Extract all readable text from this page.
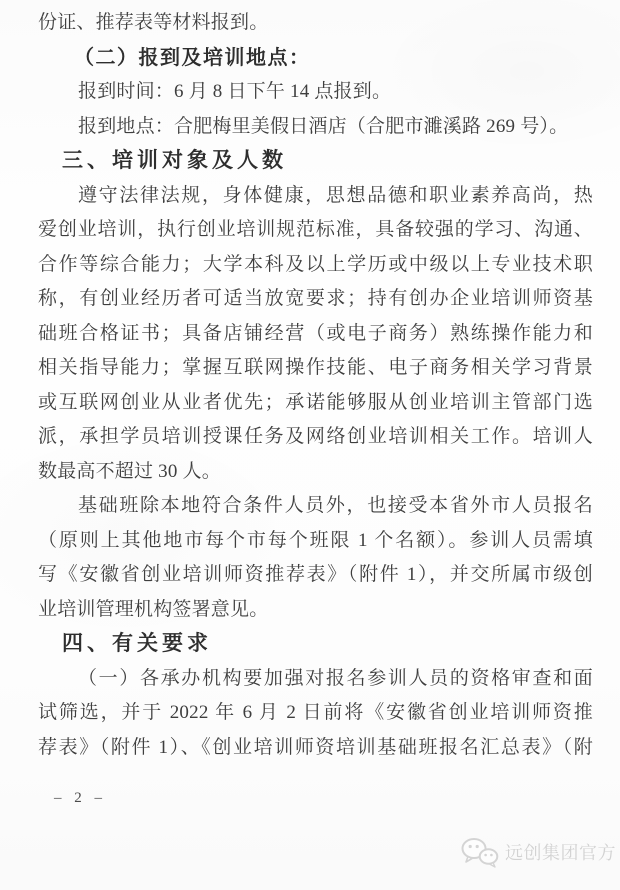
份证、推荐表等材料报到。
（二）报到及培训地点：
报到时间：6 月 8 日下午 14 点报到。
报到地点：合肥梅里美假日酒店（合肥市濉溪路 269 号）。
三、培训对象及人数
遵守法律法规，身体健康，思想品德和职业素养高尚，热
爱创业培训，执行创业培训规范标准，具备较强的学习、沟通、
合作等综合能力；大学本科及以上学历或中级以上专业技术职
称，有创业经历者可适当放宽要求；持有创办企业培训师资基
础班合格证书；具备店铺经营（或电子商务）熟练操作能力和
相关指导能力；掌握互联网操作技能、电子商务相关学习背景
或互联网创业从业者优先；承诺能够服从创业培训主管部门选
派，承担学员培训授课任务及网络创业培训相关工作。培训人
数最高不超过 30 人。
基础班除本地符合条件人员外，也接受本省外市人员报名
（原则上其他地市每个市每个班限 1 个名额）。参训人员需填
写《安徽省创业培训师资推荐表》（附件 1），并交所属市级创
业培训管理机构签署意见。
四、有关要求
（一）各承办机构要加强对报名参训人员的资格审查和面
试筛选，并于 2022 年 6 月 2 日前将《安徽省创业培训师资推
荐表》（附件 1）、《创业培训师资培训基础班报名汇总表》（附
– 2 –
远创集团官方
